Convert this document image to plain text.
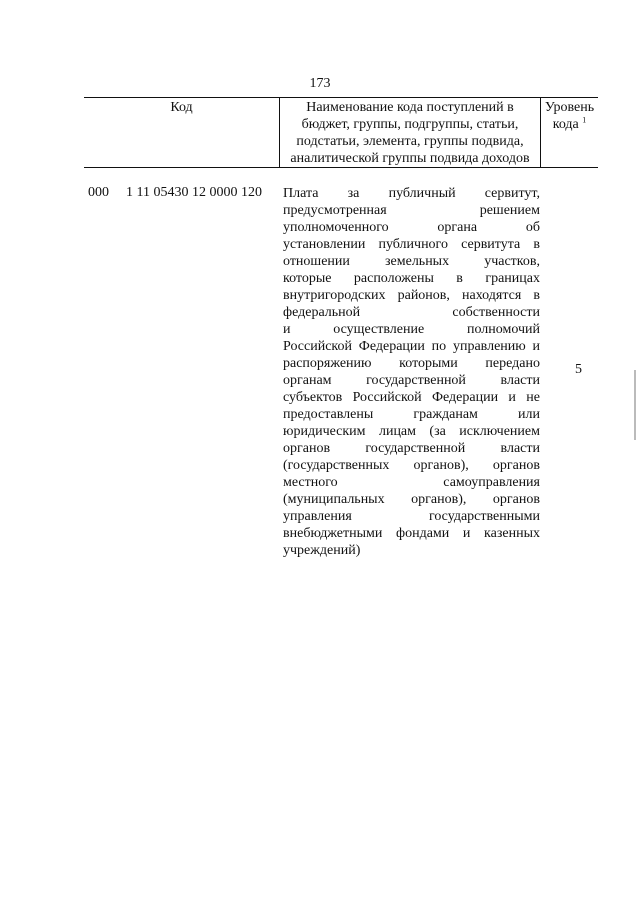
173
Код	Наименование кода поступлений в
бюджет, группы, подгруппы, статьи,
подстатьи, элемента, группы подвида,
аналитической группы подвида доходов
Уровень
кода $^1$
000 1 11 05430 12 0000 120 Плата за публичный сервитут,
предусмотренная решением
уполномоченного органа об
установлении публичного сервитута в
отношении земельных участков,
которые расположены в границах
внутригородских районов, находятся в
федеральной собственности
и осуществление полномочий
Российской Федерации по управлению и
распоряжению которыми передано
органам государственной власти
субъектов Российской Федерации и не
предоставлены гражданам или
юридическим лицам (за исключением
органов государственной власти
(государственных органов), органов
местного самоуправления
(муниципальных органов), органов
управления государственными
внебюджетными фондами и казенных
учреждений)
5
